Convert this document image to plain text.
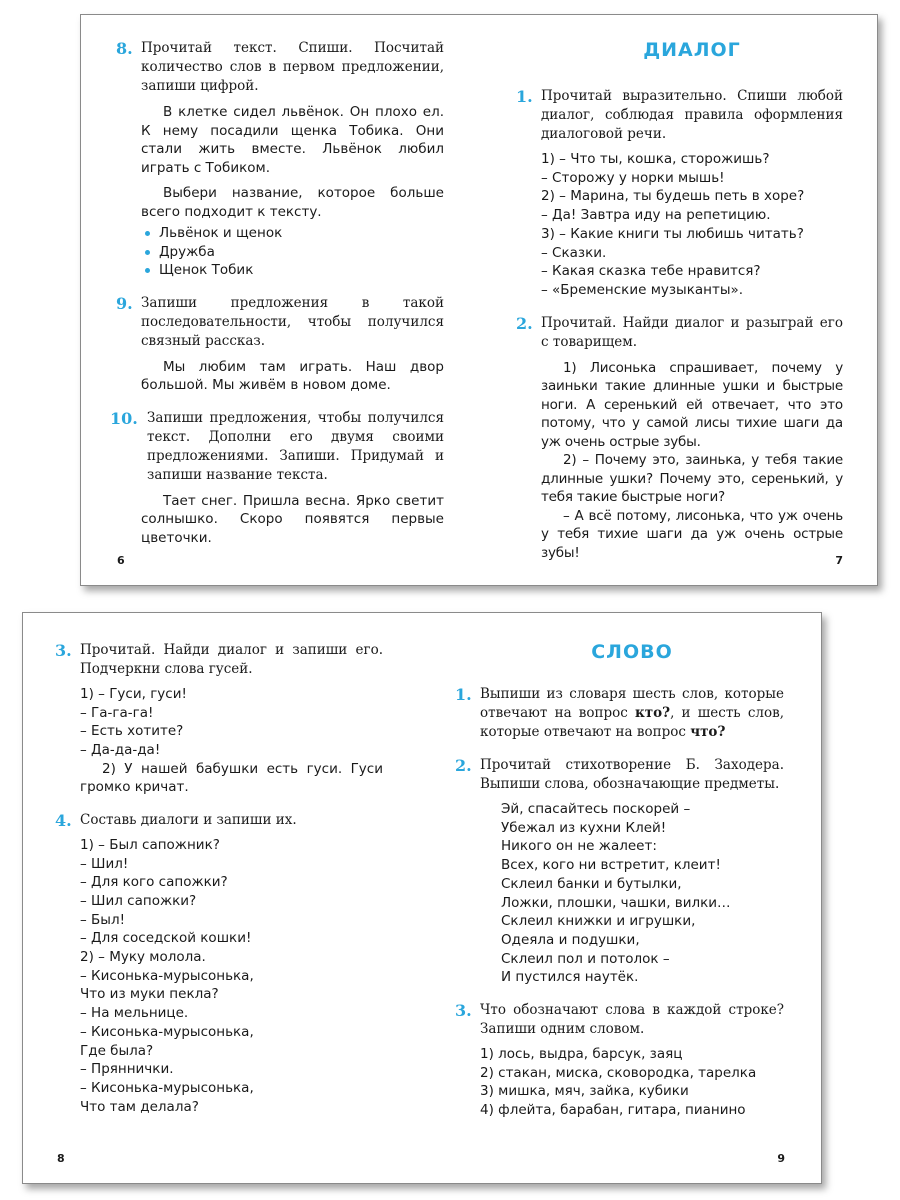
8. Прочитай текст. Спиши. Посчитай количество слов в первом предложении, запиши цифрой.
В клетке сидел львёнок. Он плохо ел. К нему посадили щенка Тобика. Они стали жить вместе. Львёнок любил играть с Тобиком.
Выбери название, которое больше всего подходит к тексту.
Львёнок и щенок
Дружба
Щенок Тобик
9. Запиши предложения в такой последовательности, чтобы получился связный рассказ.
Мы любим там играть. Наш двор большой. Мы живём в новом доме.
10. Запиши предложения, чтобы получился текст. Дополни его двумя своими предложениями. Запиши. Придумай и запиши название текста.
Тает снег. Пришла весна. Ярко светит солнышко. Скоро появятся первые цветочки.
6
ДИАЛОГ
1. Прочитай выразительно. Спиши любой диалог, соблюдая правила оформления диалоговой речи.
1) – Что ты, кошка, сторожишь?
– Сторожу у норки мышь!
2) – Марина, ты будешь петь в хоре?
– Да! Завтра иду на репетицию.
3) – Какие книги ты любишь читать?
– Сказки.
– Какая сказка тебе нравится?
– «Бременские музыканты».
2. Прочитай. Найди диалог и разыграй его с товарищем.
1) Лисонька спрашивает, почему у заиньки такие длинные ушки и быстрые ноги. А серенький ей отвечает, что это потому, что у самой лисы тихие шаги да уж очень острые зубы.
2) – Почему это, заинька, у тебя такие длинные ушки? Почему это, серенький, у тебя такие быстрые ноги?
– А всё потому, лисонька, что уж очень у тебя тихие шаги да уж очень острые зубы!	7
3. Прочитай. Найди диалог и запиши его. Подчеркни слова гусей.
1) – Гуси, гуси!
– Га-га-га!
– Есть хотите?
– Да-да-да!
2) У нашей бабушки есть гуси. Гуси громко кричат.
4. Составь диалоги и запиши их.
1) – Был сапожник?
– Шил!
– Для кого сапожки?
– Шил сапожки?
– Был!
– Для соседской кошки!
2) – Муку молола.
– Кисонька-мурысонька,
Что из муки пекла?
– На мельнице.
– Кисонька-мурысонька,
Где была?
– Пряннички.
– Кисонька-мурысонька,
Что там делала?
8
СЛОВО
1. Выпиши из словаря шесть слов, которые отвечают на вопрос кто?, и шесть слов, которые отвечают на вопрос что?
2. Прочитай стихотворение Б. Заходера. Выпиши слова, обозначающие предметы.
Эй, спасайтесь поскорей –
Убежал из кухни Клей!
Никого он не жалеет:
Всех, кого ни встретит, клеит!
Склеил банки и бутылки,
Ложки, плошки, чашки, вилки…
Склеил книжки и игрушки,
Одеяла и подушки,
Склеил пол и потолок –
И пустился наутёк.
3. Что обозначают слова в каждой строке? Запиши одним словом.
1) лось, выдра, барсук, заяц
2) стакан, миска, сковородка, тарелка
3) мишка, мяч, зайка, кубики
4) флейта, барабан, гитара, пианино
9
